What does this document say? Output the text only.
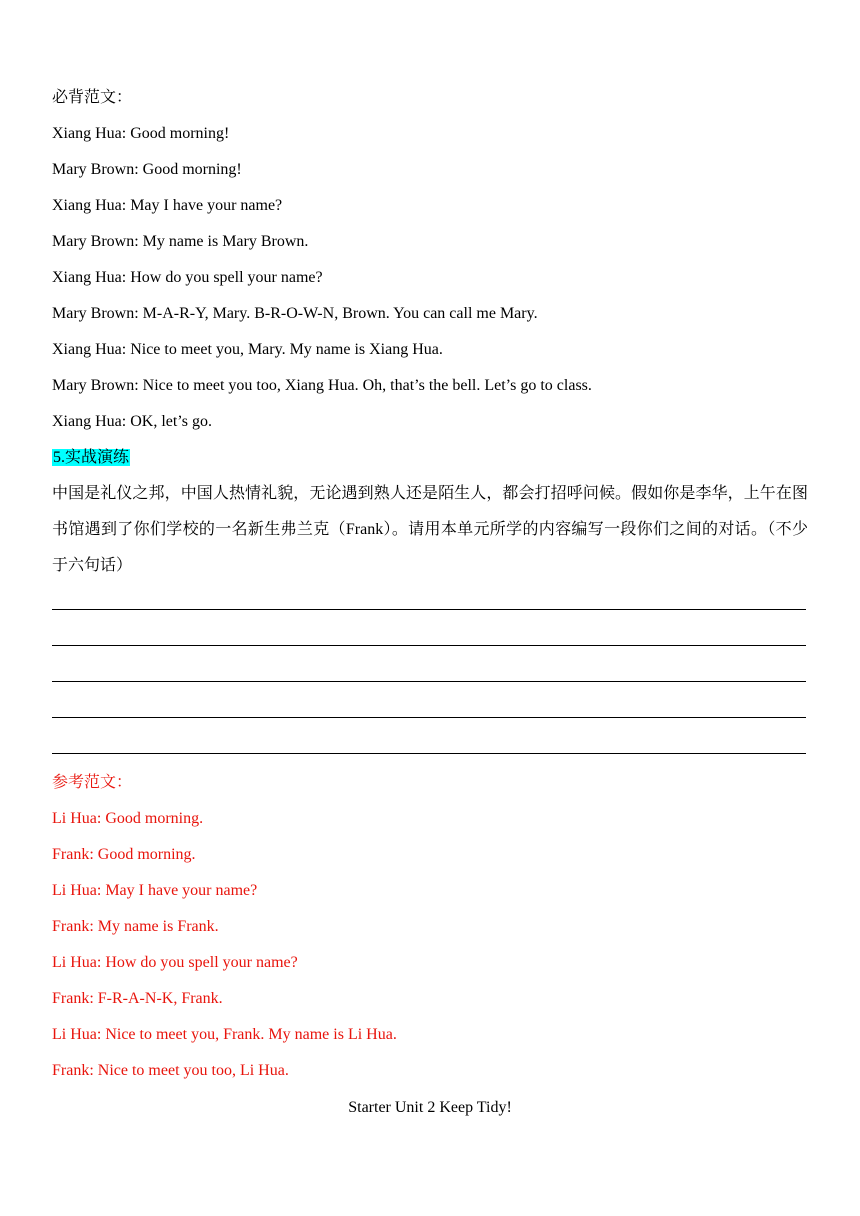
必背范文：
Xiang Hua: Good morning!
Mary Brown: Good morning!
Xiang Hua: May I have your name?
Mary Brown: My name is Mary Brown.
Xiang Hua: How do you spell your name?
Mary Brown: M-A-R-Y, Mary. B-R-O-W-N, Brown. You can call me Mary.
Xiang Hua: Nice to meet you, Mary. My name is Xiang Hua.
Mary Brown: Nice to meet you too, Xiang Hua. Oh, that’s the bell. Let’s go to class.
Xiang Hua: OK, let’s go.
5.实战演练
中国是礼仪之邦，中国人热情礼貌，无论遇到熟人还是陌生人，都会打招呼问候。假如你是李华，上午在图书馆遇到了你们学校的一名新生弗兰克（Frank）。请用本单元所学的内容编写一段你们之间的对话。（不少于六句话）
参考范文：
Li Hua: Good morning.
Frank: Good morning.
Li Hua: May I have your name?
Frank: My name is Frank.
Li Hua: How do you spell your name?
Frank: F-R-A-N-K, Frank.
Li Hua: Nice to meet you, Frank. My name is Li Hua.
Frank: Nice to meet you too, Li Hua.
Starter Unit 2 Keep Tidy!
